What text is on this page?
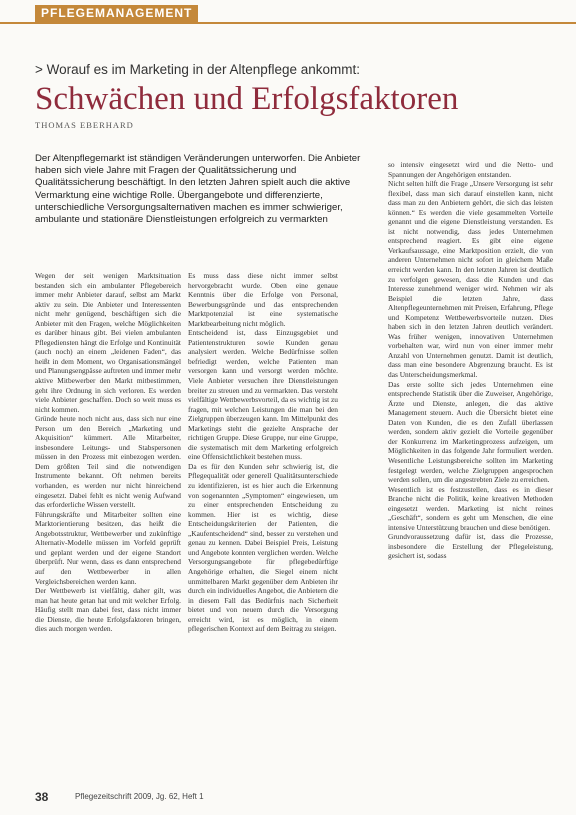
PFLEGEMANAGEMENT
> Worauf es im Marketing in der Altenpflege ankommt:
Schwächen und Erfolgsfaktoren
THOMAS EBERHARD

Der Altenpflegemarkt ist ständigen Veränderungen unterworfen. Die Anbieter haben sich viele Jahre mit Fragen der Qualitätssicherung und Qualitätssicherung beschäftigt. In den letzten Jahren spielt auch die aktive Vermarktung eine wichtige Rolle. Übergangebote und differenzierte, unterschiedliche Versorgungsalternativen machen es immer schwieriger, ambulante und stationäre Dienstleistungen erfolgreich zu vermarkten

Wegen der seit wenigen Marktsituation bestanden sich ein ambulanter Pflegebereich immer mehr Anbieter darauf, selbst am Markt aktiv zu sein. Die Anbieter und Interessenten nicht mehr genügend, beschäftigen sich die Anbieter mit den Fragen, welche Möglichkeiten es darüber hinaus gibt. Bei vielen ambulanten Pflegediensten hängt die Erfolge und Kontinuität (auch noch) an einem „leidenen Faden“, das heißt in dem Moment, wo Organisationsmängel und Planungsengpässe auftreten und immer mehr aktive Mitbewerber den Markt mitbestimmen, geht ihre Ordnung in sich verloren. Es werden viele Anbieter geschaffen. Doch so weit muss es nicht kommen.

Gründe heute noch nicht aus, dass sich nur eine Person um den Bereich „Marketing und Akquisition“ kümmert. Alle Mitarbeiter, insbesondere Leitungs- und Stabspersonen müssen in den Prozess mit einbezogen werden. Dem größten Teil sind die notwendigen Instrumente bekannt. Oft nehmen bereits vorhanden, es werden nur nicht hinreichend eingesetzt. Dabei fehlt es nicht wenig Aufwand das erforderliche Wissen verstellt.

Führungskräfte und Mitarbeiter sollten eine Marktorientierung besitzen, das heißt die Angebotsstruktur, Wettbewerber und zukünftige Alternativ-Modelle müssen im Vorfeld geprüft und geplant werden und der eigene Standort überprüft. Nur wenn, dass es dann entsprechend auf den Wettbewerber in allen Vergleichsbereichen werden kann.

Der Wettbewerb ist vielfältig, daher gilt, was man hat heute getan hat und mit welcher Erfolg. Häufig stellt man dabei fest, dass nicht immer die Dienste, die heute Erfolgsfaktoren bringen, dies auch morgen werden.

Es muss dass diese nicht immer selbst hervorgebracht wurde. Oben eine genaue Kenntnis über die Erfolge von Personal, Bewerbungsgründe und das entsprechenden Marktpotenzial ist eine systematische Marktbearbeitung nicht möglich.

Entscheidend ist, dass Einzugsgebiet und Patientenstrukturen sowie Kunden genau analysiert werden. Welche Bedürfnisse sollen befriedigt werden, welche Patienten man versorgen kann und versorgt werden möchte. Viele Anbieter versuchen ihre Dienstleistungen breiter zu streuen und zu vermarkten. Das versteht vielfältige Wettbewerbsvorteil, da es wichtig ist zu fragen, mit welchen Leistungen die man bei den Zielgruppen überzeugen kann. Im Mittelpunkt des Marketings steht die gezielte Ansprache der richtigen Gruppe. Diese Gruppe, nur eine Gruppe, die systematisch mit dem Marketing erfolgreich eine Offensichtlichkeit bestehen muss.

Da es für den Kunden sehr schwierig ist, die Pflegequalität oder generell Qualitätsunterschiede zu identifizieren, ist es hier auch die Erkennung von sogenannten „Symptomen“ eingewiesen, um zu einer entsprechenden Entscheidung zu kommen. Hier ist es wichtig, diese Entscheidungskriterien der Patienten, die „Kaufentscheidend“ sind, besser zu verstehen und genau zu kennen. Dabei Beispiel Preis, Leistung und Angebote konnten verglichen werden. Welche Versorgungsangebote für pflegebedürftige Angehörige erhalten, die Siegel einem nicht unmittelbaren Markt gegenüber dem Anbieten ihr durch ein individuelles Angebot, die Anbietern die in diesem Fall das Bedürfnis nach Sicherheit bietet und von neuem durch die Versorgung erreicht wird, ist es möglich, in einem pflegerischen Kontext auf dem Beitrag zu steigen.

so intensiv eingesetzt wird und die Netto- und Spannungen der Angehörigen entstanden.

Nicht selten hilft die Frage „Unsere Versorgung ist sehr flexibel, dass man sich darauf einstellen kann, nicht dass man zu den Anbietern gehört, die sich das leisten können.“ Es werden die viele gesammelten Vorteile genannt und die eigene Dienstleistung verstanden. Es ist nicht notwendig, dass jedes Unternehmen entsprechend reagiert. Es gibt eine eigene Verkaufsaussage, eine Marktposition erzielt, die von anderen Unternehmen nicht sofort in gleichem Maße erreicht werden kann. In den letzten Jahren ist deutlich zu verfolgen gewesen, dass die Kunden und das Interesse zunehmend weniger wird. Nehmen wir als Beispiel die letzten Jahre, dass Altenpflegeunternehmen mit Preisen, Erfahrung, Pflege und Kompetenz Wettbewerbsvorteile nutzen. Dies haben sich in den letzten Jahren deutlich verändert. Was früher wenigen, innovativen Unternehmen vorbehalten war, wird nun von einer immer mehr Anzahl von Unternehmen genutzt. Damit ist deutlich, dass man eine besondere Abgrenzung braucht. Es ist das Unterscheidungsmerkmal.

Das erste sollte sich jedes Unternehmen eine entsprechende Statistik über die Zuweiser, Angehörige, Ärzte und Dienste, anlegen, die das aktive Management steuern. Auch die Übersicht bietet eine Daten von Kunden, die es den Zufall überlassen werden, sondern aktiv gezielt die Vorteile gegenüber der Konkurrenz im Marketingprozess aufzeigen, um Möglichkeiten in das folgende Jahr formuliert werden. Wesentliche Leistungsbereiche sollten im Marketing festgelegt werden, welche Zielgruppen angesprochen werden sollen, um die angestrebten Ziele zu erreichen.

Wesentlich ist es festzustellen, dass es in dieser Branche nicht die Politik, keine kreativen Methoden eingesetzt werden. Marketing ist nicht reines „Geschäft“, sondern es geht um Menschen, die eine intensive Unterstützung brauchen und diese benötigen.

Grundvoraussetzung dafür ist, dass die Prozesse, insbesondere die Erstellung der Pflegeleistung, gesichert ist, sodass

38	Pflegezeitschrift 2009, Jg. 62, Heft 1
